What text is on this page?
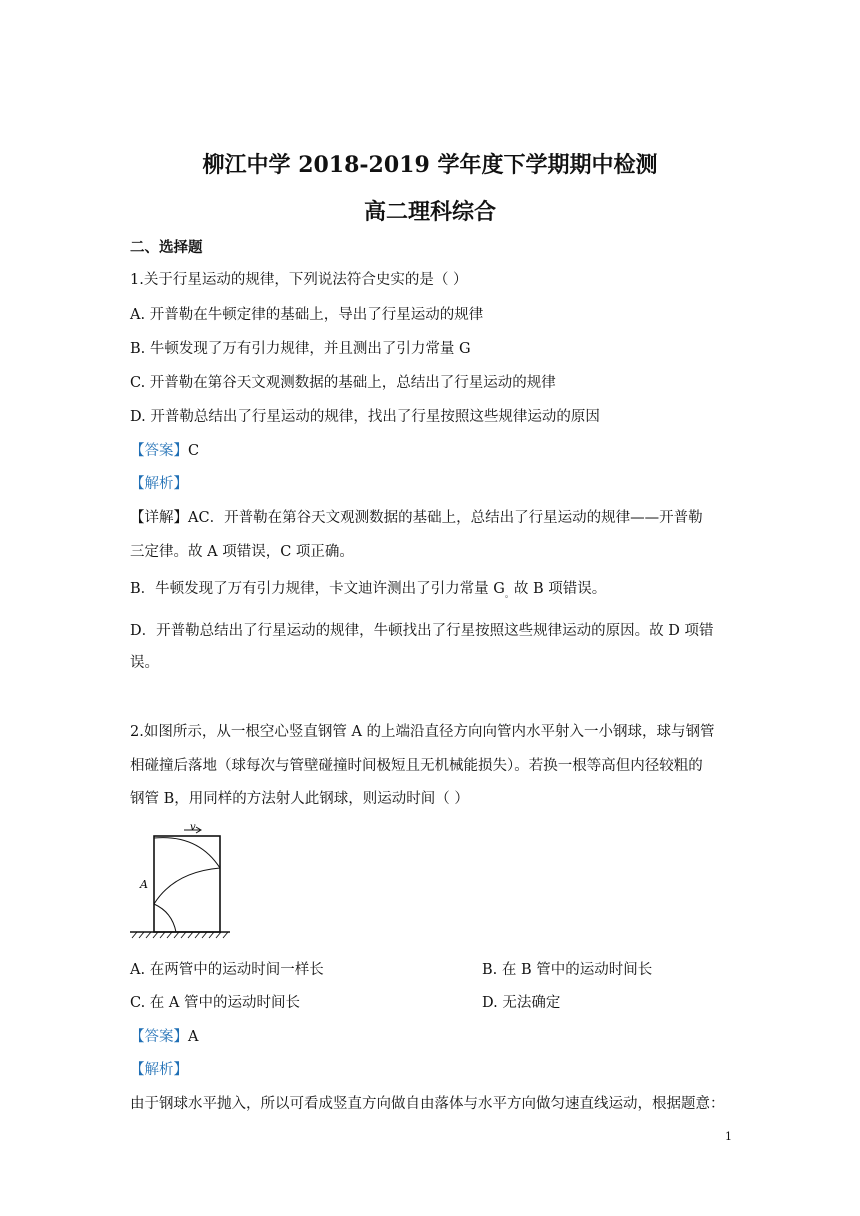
柳江中学 2018-2019 学年度下学期期中检测
高二理科综合
二、选择题
1.关于行星运动的规律，下列说法符合史实的是（ ）
A. 开普勒在牛顿定律的基础上，导出了行星运动的规律
B. 牛顿发现了万有引力规律，并且测出了引力常量 G
C. 开普勒在第谷天文观测数据的基础上，总结出了行星运动的规律
D. 开普勒总结出了行星运动的规律，找出了行星按照这些规律运动的原因
【答案】C
【解析】
【详解】AC．开普勒在第谷天文观测数据的基础上，总结出了行星运动的规律——开普勒
三定律。故 A 项错误，C 项正确。
B．牛顿发现了万有引力规律，卡文迪许测出了引力常量 $G_。$故 B 项错误。
D．开普勒总结出了行星运动的规律，牛顿找出了行星按照这些规律运动的原因。故 D 项错
误。
2.如图所示，从一根空心竖直钢管 A 的上端沿直径方向向管内水平射入一小钢球，球与钢管
相碰撞后落地（球每次与管壁碰撞时间极短且无机械能损失）。若换一根等高但内径较粗的
钢管 B，用同样的方法射人此钢球，则运动时间（ ）
v
A
A. 在两管中的运动时间一样长	B. 在 B 管中的运动时间长
C. 在 A 管中的运动时间长	D. 无法确定
【答案】A
【解析】
由于钢球水平抛入，所以可看成竖直方向做自由落体与水平方向做匀速直线运动，根据题意：
1
